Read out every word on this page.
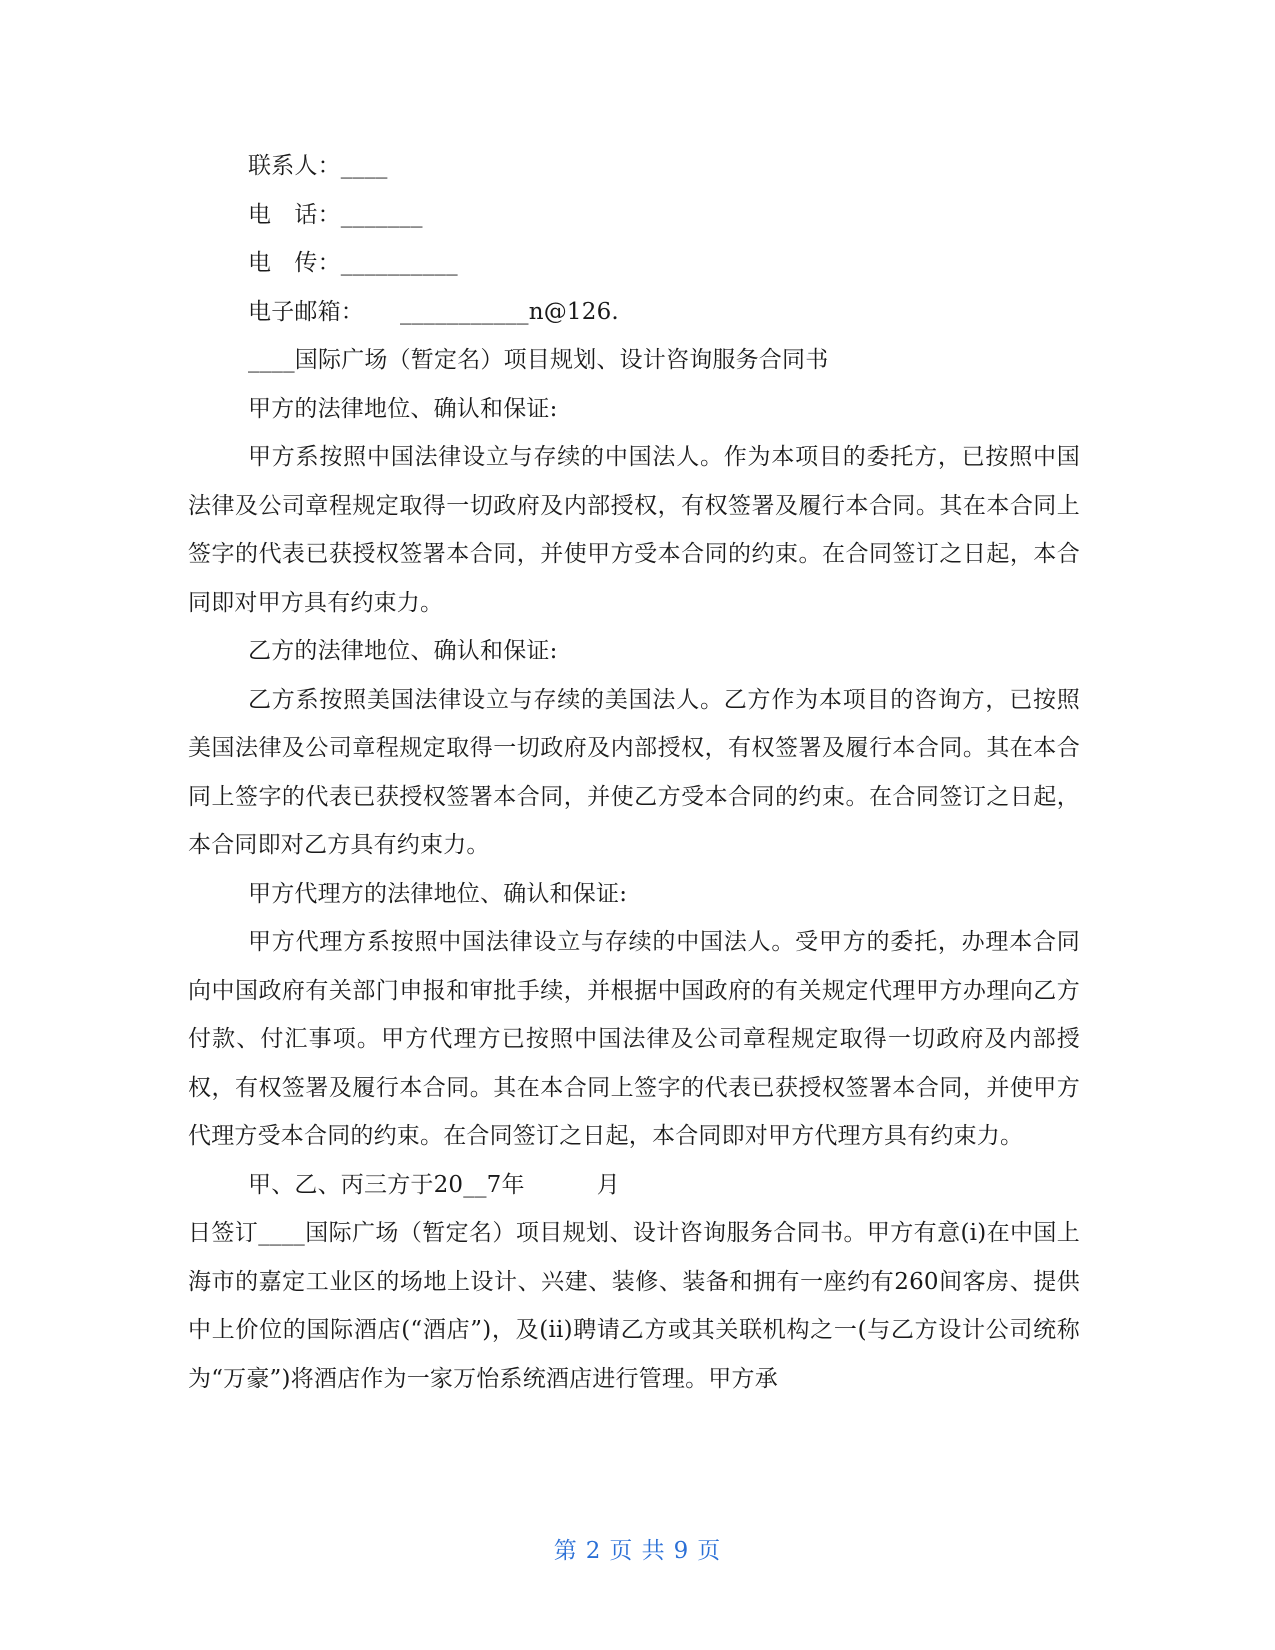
联系人：____
电　话：_______
电　传：__________
电子邮箱： ___________n@126.
____国际广场（暂定名）项目规划、设计咨询服务合同书
甲方的法律地位、确认和保证:

甲方系按照中国法律设立与存续的中国法人。作为本项目的委托方，已按照中国法律及公司章程规定取得一切政府及内部授权，有权签署及履行本合同。其在本合同上签字的代表已获授权签署本合同，并使甲方受本合同的约束。在合同签订之日起，本合同即对甲方具有约束力。

乙方的法律地位、确认和保证:

乙方系按照美国法律设立与存续的美国法人。乙方作为本项目的咨询方，已按照美国法律及公司章程规定取得一切政府及内部授权，有权签署及履行本合同。其在本合同上签字的代表已获授权签署本合同，并使乙方受本合同的约束。在合同签订之日起，本合同即对乙方具有约束力。

甲方代理方的法律地位、确认和保证:

甲方代理方系按照中国法律设立与存续的中国法人。受甲方的委托，办理本合同向中国政府有关部门申报和审批手续，并根据中国政府的有关规定代理甲方办理向乙方付款、付汇事项。甲方代理方已按照中国法律及公司章程规定取得一切政府及内部授权，有权签署及履行本合同。其在本合同上签字的代表已获授权签署本合同，并使甲方代理方受本合同的约束。在合同签订之日起，本合同即对甲方代理方具有约束力。

甲、乙、丙三方于20__7年	月

日签订____国际广场（暂定名）项目规划、设计咨询服务合同书。甲方有意(i)在中国上海市的嘉定工业区的场地上设计、兴建、装修、装备和拥有一座约有260间客房、提供中上价位的国际酒店(“酒店”)，及(ii)聘请乙方或其关联机构之一(与乙方设计公司统称为“万豪”)将酒店作为一家万怡系统酒店进行管理。甲方承

第 2 页 共 9 页
